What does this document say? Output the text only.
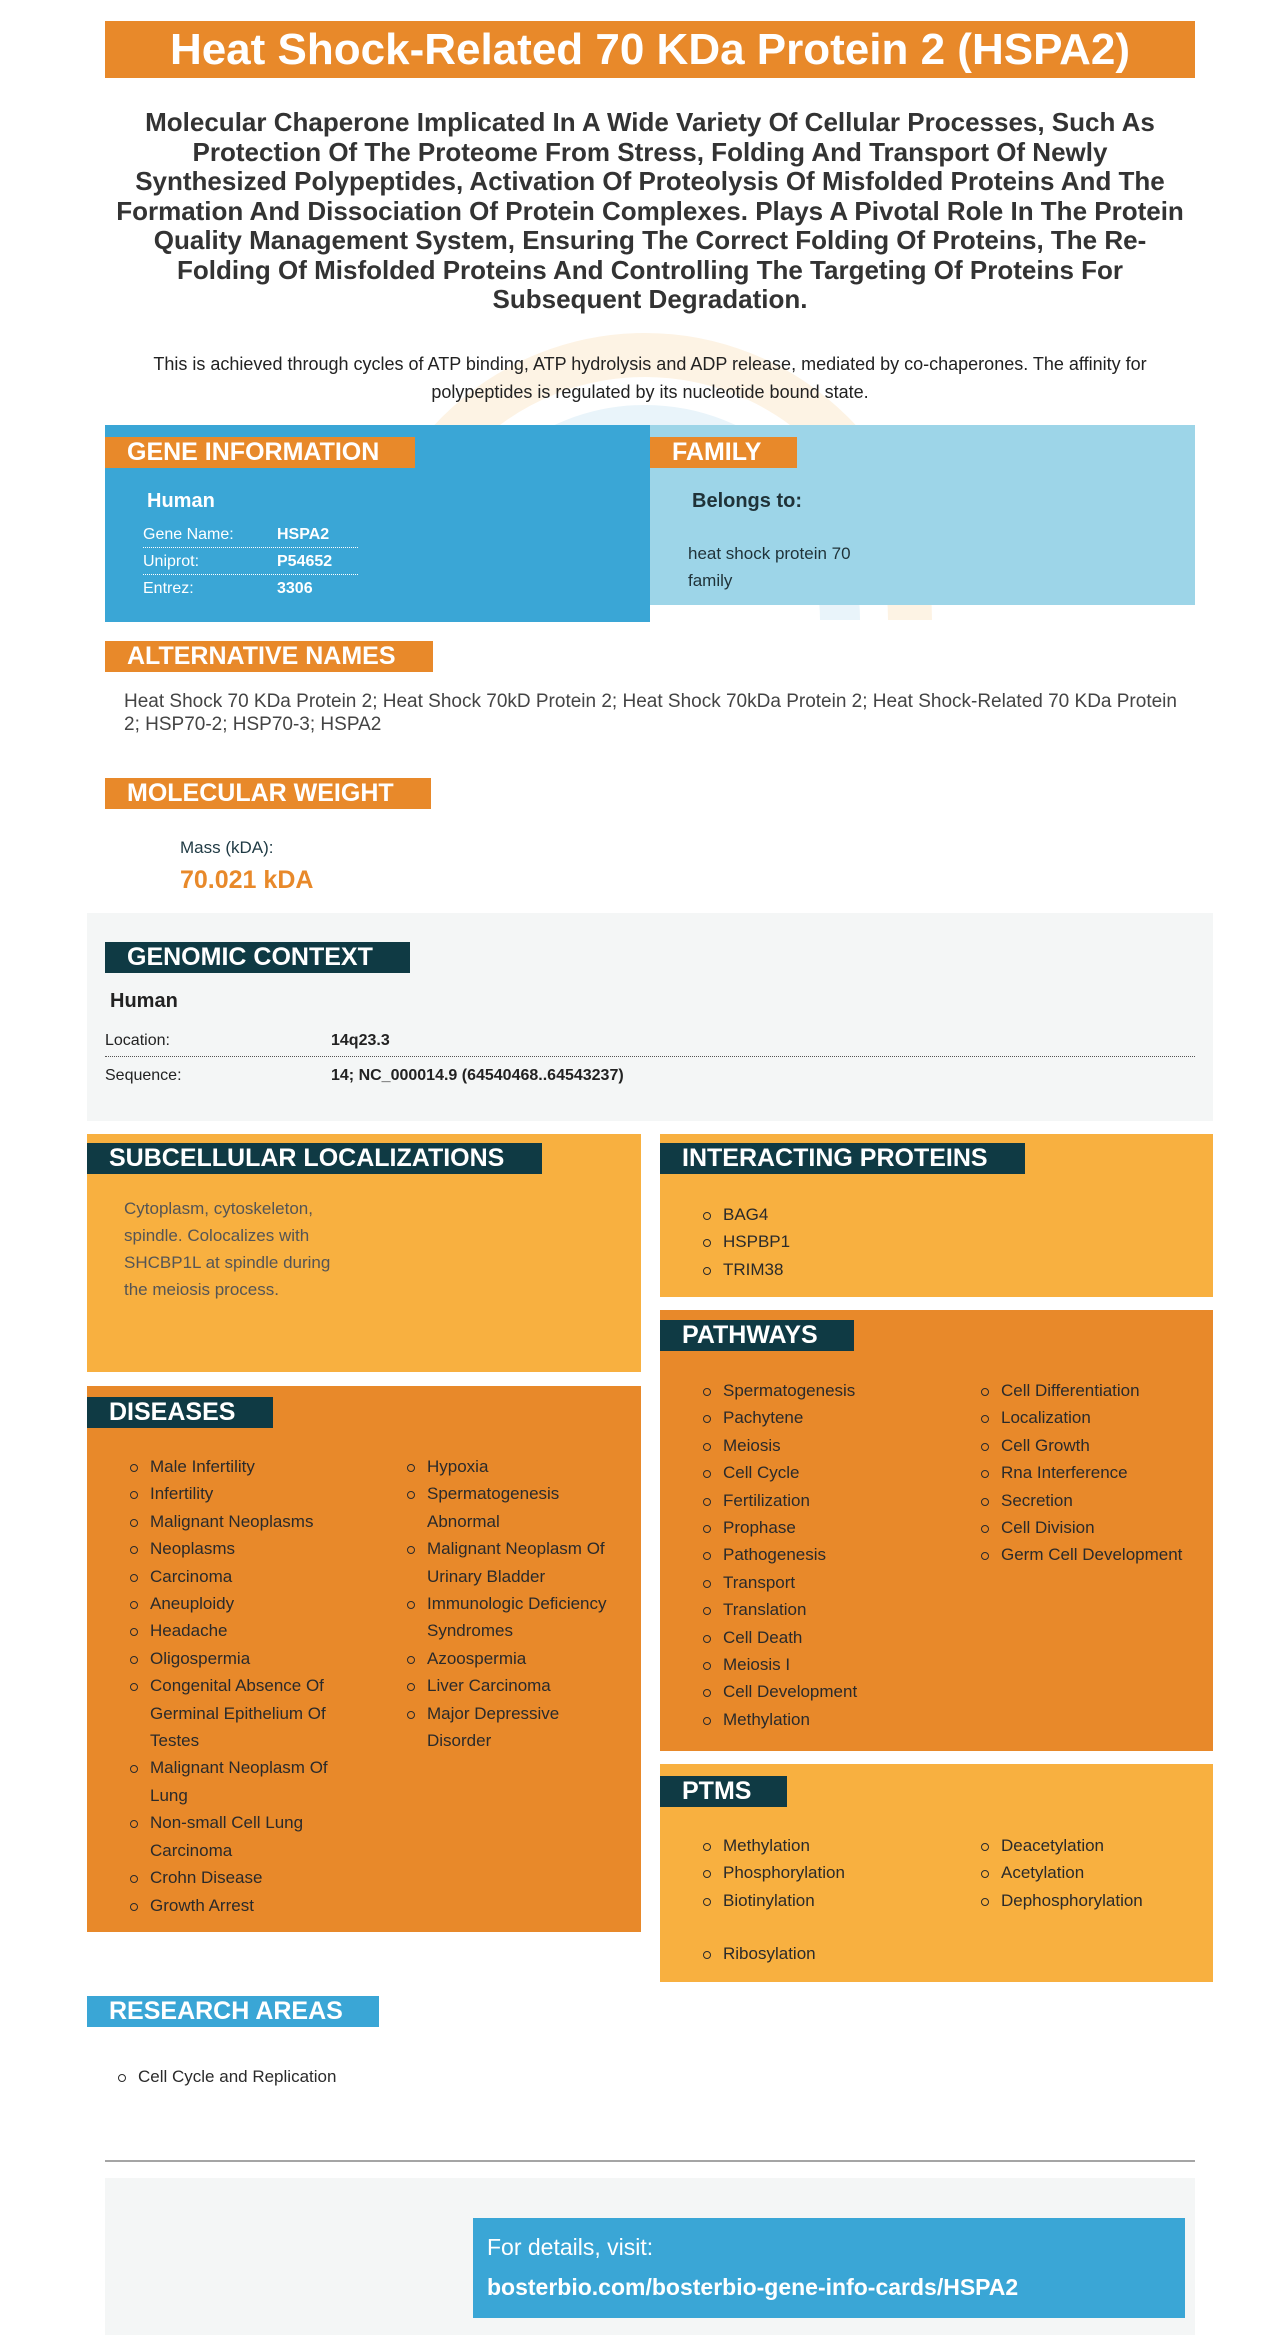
Heat Shock-Related 70 KDa Protein 2 (HSPA2)
Molecular Chaperone Implicated In A Wide Variety Of Cellular Processes, Such As Protection Of The Proteome From Stress, Folding And Transport Of Newly Synthesized Polypeptides, Activation Of Proteolysis Of Misfolded Proteins And The Formation And Dissociation Of Protein Complexes. Plays A Pivotal Role In The Protein Quality Management System, Ensuring The Correct Folding Of Proteins, The Re-Folding Of Misfolded Proteins And Controlling The Targeting Of Proteins For Subsequent Degradation.
This is achieved through cycles of ATP binding, ATP hydrolysis and ADP release, mediated by co-chaperones. The affinity for polypeptides is regulated by its nucleotide bound state.
GENE INFORMATION
Human
Gene Name:	HSPA2
Uniprot:	P54652
Entrez:	3306
FAMILY
Belongs to:
heat shock protein 70 family
ALTERNATIVE NAMES
Heat Shock 70 KDa Protein 2; Heat Shock 70kD Protein 2; Heat Shock 70kDa Protein 2; Heat Shock-Related 70 KDa Protein 2; HSP70-2; HSP70-3; HSPA2
MOLECULAR WEIGHT
Mass (kDA):
70.021 kDA
GENOMIC CONTEXT
Human
Location:	14q23.3
Sequence:	14; NC_000014.9 (64540468..64543237)
SUBCELLULAR LOCALIZATIONS
Cytoplasm, cytoskeleton, spindle. Colocalizes with SHCBP1L at spindle during the meiosis process.
INTERACTING PROTEINS
BAG4
HSPBP1
TRIM38
PATHWAYS
Spermatogenesis
Pachytene
Meiosis
Cell Cycle
Fertilization
Prophase
Pathogenesis
Transport
Translation
Cell Death
Meiosis I
Cell Development
Methylation
Cell Differentiation
Localization
Cell Growth
Rna Interference
Secretion
Cell Division
Germ Cell Development
DISEASES
Male Infertility
Infertility
Malignant Neoplasms
Neoplasms
Carcinoma
Aneuploidy
Headache
Oligospermia
Congenital Absence Of Germinal Epithelium Of Testes
Malignant Neoplasm Of Lung
Non-small Cell Lung Carcinoma
Crohn Disease
Growth Arrest
Hypoxia
Spermatogenesis Abnormal
Malignant Neoplasm Of Urinary Bladder
Immunologic Deficiency Syndromes
Azoospermia
Liver Carcinoma
Major Depressive Disorder
PTMS
Methylation
Phosphorylation
Biotinylation
Deacetylation
Acetylation
Dephosphorylation
Ribosylation
RESEARCH AREAS
Cell Cycle and Replication
For details, visit:
bosterbio.com/bosterbio-gene-info-cards/HSPA2
